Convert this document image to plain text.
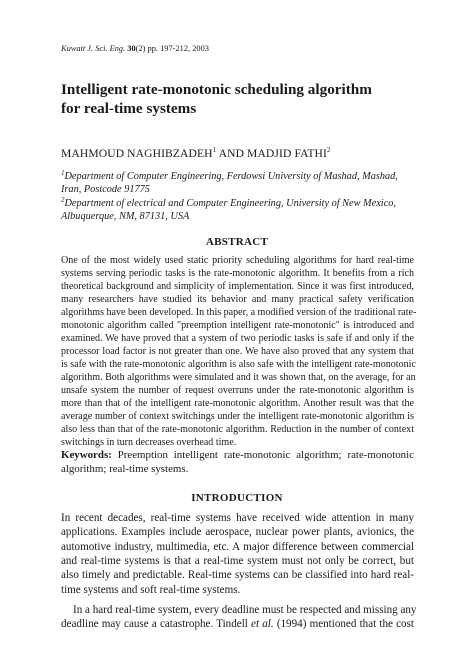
Kuwait J. Sci. Eng. 30(2) pp. 197-212, 2003
Intelligent rate-monotonic scheduling algorithm
for real-time systems
MAHMOUD NAGHIBZADEH$^1$ AND MADJID FATHI$^2$
$^1$Department of Computer Engineering, Ferdowsi University of Mashad, Mashad,
Iran, Postcode 91775
$^2$Department of electrical and Computer Engineering, University of New Mexico,
Albuquerque, NM, 87131, USA
ABSTRACT
One of the most widely used static priority scheduling algorithms for hard real-time
systems serving periodic tasks is the rate-monotonic algorithm. It benefits from a rich
theoretical background and simplicity of implementation. Since it was first introduced,
many researchers have studied its behavior and many practical safety verification
algorithms have been developed. In this paper, a modified version of the traditional rate-
monotonic algorithm called "preemption intelligent rate-monotonic" is introduced and
examined. We have proved that a system of two periodic tasks is safe if and only if the
processor load factor is not greater than one. We have also proved that any system that
is safe with the rate-monotonic algorithm is also safe with the intelligent rate-monotonic
algorithm. Both algorithms were simulated and it was shown that, on the average, for an
unsafe system the number of request overruns under the rate-monotonic algorithm is
more than that of the intelligent rate-monotonic algorithm. Another result was that the
average number of context switchings under the intelligent rate-monotonic algorithm is
also less than that of the rate-monotonic algorithm. Reduction in the number of context
switchings in turn decreases overhead time.
Keywords: Preemption intelligent rate-monotonic algorithm; rate-monotonic
algorithm; real-time systems.
INTRODUCTION
In recent decades, real-time systems have received wide attention in many
applications. Examples include aerospace, nuclear power plants, avionics, the
automotive industry, multimedia, etc. A major difference between commercial
and real-time systems is that a real-time system must not only be correct, but
also timely and predictable. Real-time systems can be classified into hard real-
time systems and soft real-time systems.
In a hard real-time system, every deadline must be respected and missing any
deadline may cause a catastrophe. Tindell et al. (1994) mentioned that the cost
